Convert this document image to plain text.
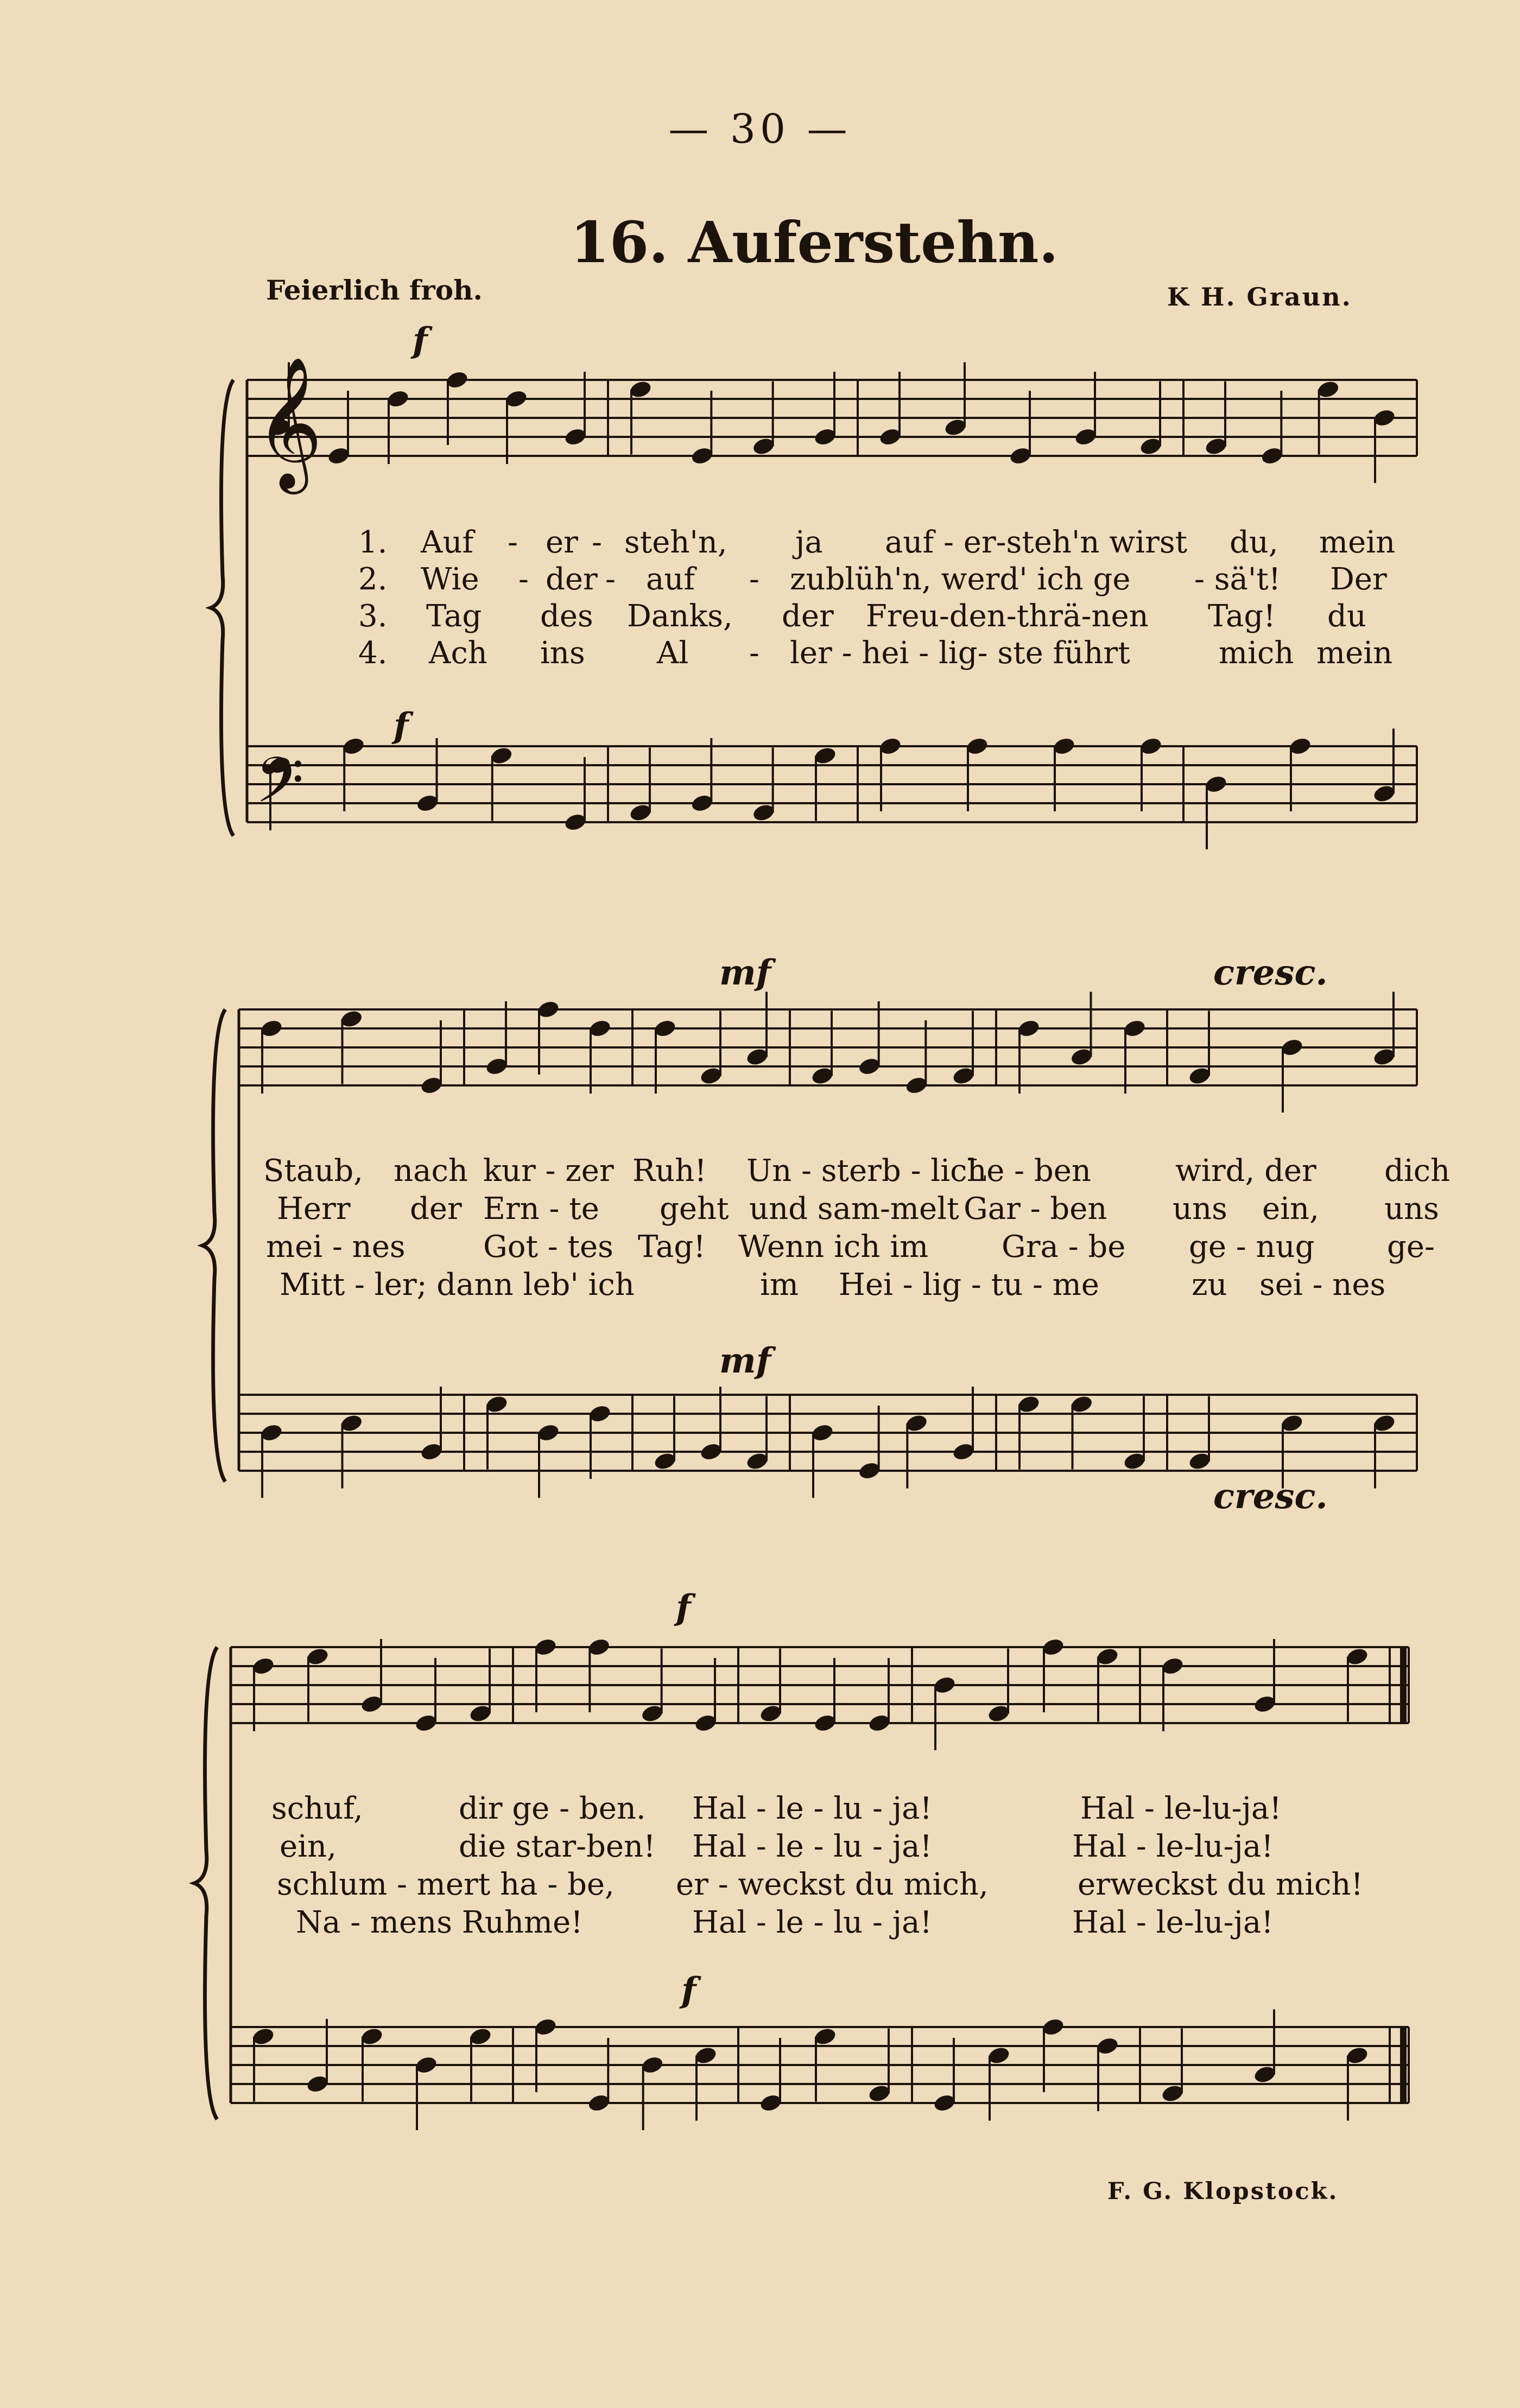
𝄞
𝄢
— 30 —
16. Auferstehn.
Feierlich froh.	K H. Graun.
f
f
mf	cresc.
mf
cresc.
f
f
1. Auf - er - steh'n, ja auf - er-steh'n wirst du, mein
2. Wie - der - auf - zublüh'n, werd' ich ge - sä't! Der
3. Tag des Danks, der Freu-den-thrä-nen Tag! du
4. Ach ins Al - ler - hei - lig- ste führt	mich mein
Staub, nach kur - zer Ruh! Un - sterb - lich
Le - ben	wird, der dich
Herr der Ern - te geht und sam-melt Gar - ben uns ein, uns
mei - nes	Got - tes Tag! Wenn ich im Gra - be ge - nug ge-
Mitt - ler; dann leb' ich	im Hei - lig - tu - me	zu sei - nes
schuf,	dir ge - ben. Hal - le - lu - ja!	Hal - le-lu-ja!
ein,	die star-ben! Hal - le - lu - ja!	Hal - le-lu-ja!
schlum - mert ha - be, er - weckst du mich,	erweckst du mich!
Na - mens Ruhme!	Hal - le - lu - ja!	Hal - le-lu-ja!
F. G. Klopstock.
